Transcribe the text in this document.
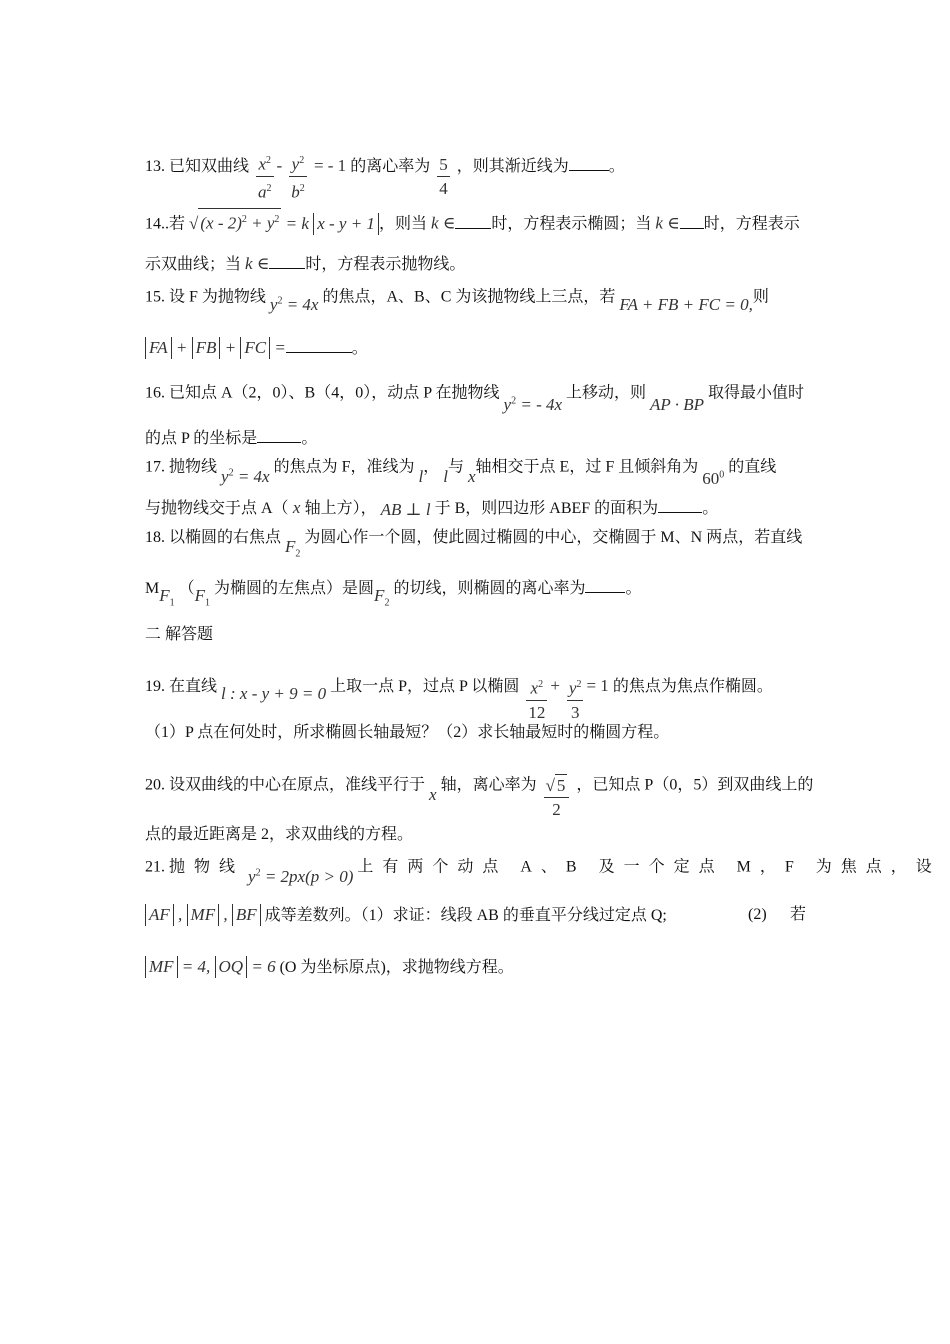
13. 已知双曲线 $\frac{x^2}{a^2} - \frac{y^2}{b^2}$ = - 1 的离心率为 $\frac{5}{4}$ ，则其渐近线为	。
14..若 √ $(x - 2)^2 + y^2 = k$ x - y + 1 ，则当 k ∈ 时，方程表示椭圆；当 k ∈ 时，方程表示
示双曲线；当 k ∈ 时，方程表示抛物线。
15. 设 F 为抛物线 $y^2 = 4x$ 的焦点，A、B、C 为该抛物线上三点，若 FA + FB + FC = 0,则
FA + FB + FC =	。
16. 已知点 A（2，0）、B（4，0），动点 P 在抛物线 $y^2$ = - 4x 上移动，则 AP · BP 取得最小值时
的点 P 的坐标是	。
17. 抛物线 $y^2 = 4x$ 的焦点为 F，准线为 l， l与 x轴相交于点 E，过 F 且倾斜角为 $60^0$ 的直线
与抛物线交于点 A（ x 轴上方）， AB ⊥ l 于 B，则四边形 ABEF 的面积为	。
18. 以椭圆的右焦点 $F_2$ 为圆心作一个圆，使此圆过椭圆的中心，交椭圆于 M、N 两点，若直线
$MF_1$ （$F_1$ 为椭圆的左焦点）是圆$F_2$ 的切线，则椭圆的离心率为	。
二 解答题
19. 在直线 l : x - y + 9 = 0 上取一点 P，过点 P 以椭圆 $\frac{x^2}{12} + \frac{y^2}{3} = 1$ 的焦点为焦点作椭圆。
（1）P 点在何处时，所求椭圆长轴最短？（2）求长轴最短时的椭圆方程。
20. 设双曲线的中心在原点，准线平行于 x 轴，离心率为 $\frac{√ 5}{2}$ ，已知点 P（0，5）到双曲线上的
点的最近距离是 2，求双曲线的方程。
21. 抛物线 $y^2 = 2px(p > 0)$ 上有两个动点 A、B 及一个定点 M，F 为焦点，设
AF , MF , BF 成等差数列。（1）求证：线段 AB 的垂直平分线过定点 Q;	(2) 若
MF = 4, OQ = 6 (O 为坐标原点)，求抛物线方程。
